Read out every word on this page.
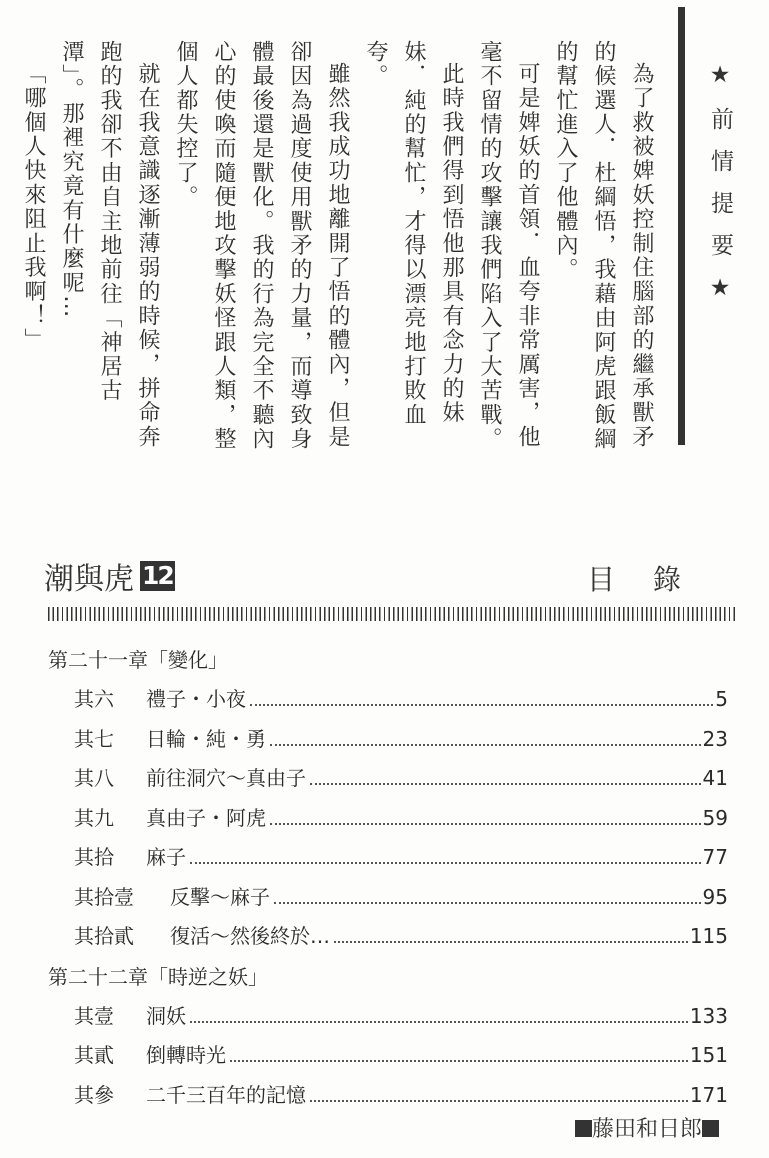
★前情提要★

為了救被婢妖控制住腦部的繼承獸矛的候選人．杜綱悟，我藉由阿虎跟飯綱的幫忙進入了他體內。

可是婢妖的首領．血夸非常厲害，他毫不留情的攻擊讓我們陷入了大苦戰。

此時我們得到悟他那具有念力的妹妹．純的幫忙，才得以漂亮地打敗血夸。

雖然我成功地離開了悟的體內，但是卻因為過度使用獸矛的力量，而導致身體最後還是獸化。我的行為完全不聽內心的使喚而隨便地攻擊妖怪跟人類，整個人都失控了。

就在我意識逐漸薄弱的時候，拼命奔跑的我卻不由自主地前往「神居古潭」。那裡究竟有什麼呢…

「哪個人快來阻止我啊！」

潮與虎 12	目錄
第二十一章「變化」
其六	禮子・小夜	5
其七	日輪・純・勇	23
其八	前往洞穴～真由子	41
其九	真由子・阿虎	59
其拾	麻子	77
其拾壹	反擊～麻子	95
其拾貳	復活～然後終於…	115
第二十二章「時逆之妖」
其壹	洞妖	133
其貳	倒轉時光	151
其參	二千三百年的記憶	171
藤田和日郎
